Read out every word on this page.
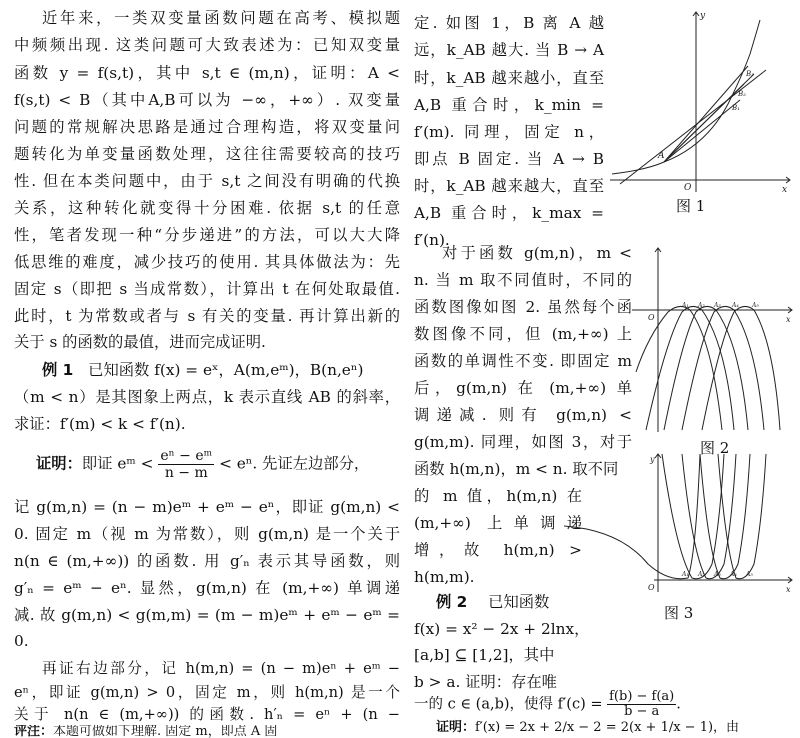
近年来，一类双变量函数问题在高考、模拟题
中频频出现. 这类问题可大致表述为：已知双变量
函数 y = f(s,t)，其中 s,t ∈ (m,n)，证明：A <
f(s,t) < B（其中A,B可以为 −∞，+∞）. 双变量
问题的常规解决思路是通过合理构造，将双变量问
题转化为单变量函数处理，这往往需要较高的技巧
性. 但在本类问题中，由于 s,t 之间没有明确的代换
关系，这种转化就变得十分困难. 依据 s,t 的任意
性，笔者发现一种“分步递进”的方法，可以大大降
低思维的难度，减少技巧的使用. 其具体做法为：先
固定 s（即把 s 当成常数），计算出 t 在何处取最值.
此时，t 为常数或者与 s 有关的变量. 再计算出新的
关于 s 的函数的最值，进而完成证明.
例 1 已知函数 f(x) = eˣ，A(m,eᵐ)，B(n,eⁿ)
（m < n）是其图象上两点，k 表示直线 AB 的斜率，
求证：f′(m) < k < f′(n).
证明：即证 eᵐ < $\frac{\text{eⁿ − eᵐ}}{n - m} < e^n$. 先证左边部分，
记 g(m,n) = (n − m)eᵐ + eᵐ − eⁿ，即证 g(m,n) <
0. 固定 m（视 m 为常数），则 g(m,n) 是一个关于
n(n ∈ (m,+∞)) 的函数. 用 g′ₙ 表示其导函数，则
g′ₙ = eᵐ − eⁿ. 显然，g(m,n) 在 (m,+∞) 单调递
减. 故 g(m,n) < g(m,m) = (m − m)eᵐ + eᵐ − eᵐ =
0.
再证右边部分，记 h(m,n) = (n − m)eⁿ + eᵐ −
eⁿ，即证 g(m,n) > 0，固定 m，则 h(m,n) 是一个
关于 n(n ∈ (m,+∞)) 的函数. h′ₙ = eⁿ + (n −
评注：本题可做如下理解. 固定 m，即点 A 固
定. 如图 1，B 离 A 越
远，k_AB 越大. 当 B → A
时，k_AB 越来越小，直至
A,B 重合时，k_min =
f′(m). 同理，固定 n，
即点 B 固定. 当 A → B
时，k_AB 越来越大，直至
A,B 重合时，k_max =
f′(n).
对于函数 g(m,n)，m <
n. 当 m 取不同值时，不同的
函数图像如图 2. 虽然每个函
数图像不同，但 (m,+∞) 上
函数的单调性不变. 即固定 m
后，g(m,n) 在 (m,+∞) 单
调递减. 则有 g(m,n) <
g(m,m). 同理，如图 3，对于
函数 h(m,n)，m < n. 取不同
的 m 值，h(m,n) 在
(m,+∞) 上单调递
增，故 h(m,n) >
h(m,m).
例 2 已知函数
f(x) = x² − 2x + 2lnx，
[a,b] ⊆ [1,2]，其中
b > a. 证明：存在唯
一的 c ∈ (a,b)，使得 $f'(c) = \frac{f(b) - f(a)}{b - a}$ .
证明：f′(x) = 2x + 2/x − 2 = 2(x + 1/x − 1)，由
O	x
y
A
B₁
B₂
B₃
图 1
O	x
A₁ A₂ A₃ A₄ A₅
图 2
O	x
y
A₁ A₂ A₃ A₄ A₅
图 3
